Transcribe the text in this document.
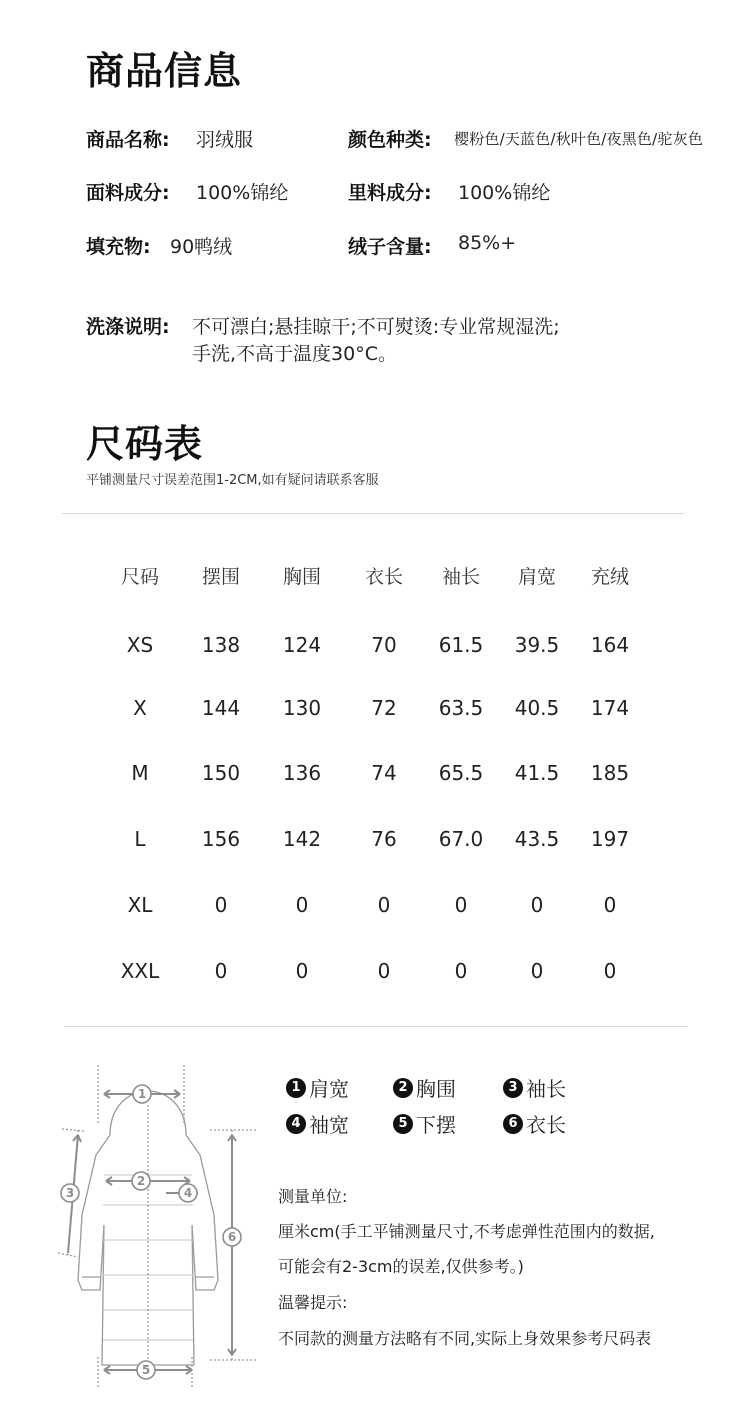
商品信息
商品名称: 羽绒服	颜色种类: 樱粉色/天蓝色/秋叶色/夜黑色/驼灰色
面料成分: 100%锦纶	里料成分: 100%锦纶
填充物: 90鸭绒	绒子含量: 85%+
洗涤说明: 不可漂白;悬挂晾干;不可熨烫:专业常规湿洗;
手洗,不高于温度30°C。
尺码表
平铺测量尺寸误差范围1-2CM,如有疑问请联系客服
尺码	摆围	胸围	衣长	袖长	肩宽	充绒
XS	138	124	70	61.5	39.5	164
X	144	130	72	63.5	40.5	174
M	150	136	74	65.5	41.5	185
L	156	142	76	67.0	43.5	197
XL	0	0	0	0	0	0
XXL	0	0	0	0	0	0
1
2
3	4
5
6
1 肩宽	2 胸围	3 袖长
4 袖宽	5 下摆	6 衣长
测量单位:
厘米cm(手工平铺测量尺寸,不考虑弹性范围内的数据,
可能会有2-3cm的误差,仅供参考。)
温馨提示:
不同款的测量方法略有不同,实际上身效果参考尺码表
